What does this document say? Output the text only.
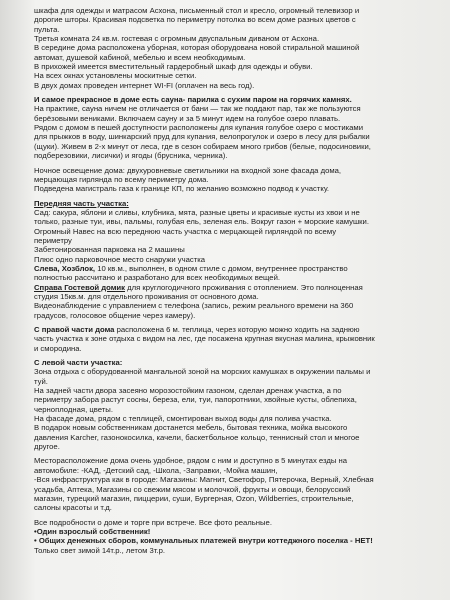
шкафа для одежды и матрасом Асхона, письменный стол и кресло, огромный телевизор и

дорогие шторы. Красивая подсветка по периметру потолка во всем доме разных цветов с

пульта.

Третья комната 24 кв.м. гостевая с огромным двуспальным диваном от Асхона.

В середине дома расположена уборная, которая оборудована новой стиральной машиной

автомат, душевой кабиной, мебелью и всем необходимым.

В прихожей имеется вместительный гардеробный шкаф для одежды и обуви.

На всех окнах установлены москитные сетки.

В двух домах проведен интернет WI-FI (оплачен на весь год).

И самое прекрасное в доме есть сауна- парилка с сухим паром на горячих камнях.

На практике, сауна ничем не отличается от бани — так же поддают пар, так же пользуются

берёзовыми вениками. Включаем сауну и за 5 минут идем на голубое озеро плавать.

Рядом с домом в пешей доступности расположены для купания голубое озеро с мостиками

для прыжков в воду, шинкарский пруд для купания, велопрогулок и озеро в лесу для рыбалки

(щуки). Живем в 2-х минут от леса, где в сезон собираем много грибов (белые, подосиновики,

подберезовики, лисички) и ягоды (брусника, черника).

Ночное освещение дома: двухуровневые светильники на входной зоне фасада дома,

мерцающая гирлянда по всему периметру дома.

Подведена магистраль газа к границе КП, по желанию возможно подвод к участку.

Передняя часть участка:

Сад: сакура, яблони и сливы, клубника, мята, разные цветы и красивые кусты из хвои и не

только, разные туи, ивы, пальмы, голубая ель, зеленая ель. Вокруг газон + морские камушки.

Огромный Навес на всю переднюю часть участка с мерцающей гирляндой по всему

периметру

Забетонированная парковка на 2 машины

Плюс одно парковочное место снаружи участка

Слева, Хозблок, 10 кв.м., выполнен, в одном стиле с домом, внутреннее пространство

полностью рассчитано и разработано для всех необходимых вещей.

Справа Гостевой домик для круглогодичного проживания с отоплением. Это полноценная

студия 15кв.м. для отдельного проживания от основного дома.

Видеонаблюдение с управлением с телефона (запись, режим реального времени на 360

градусов, голосовое общение через камеру).

С правой части дома расположена 6 м. теплица, через которую можно ходить на заднюю

часть участка к зоне отдыха с видом на лес, где посажена крупная вкусная малина, крыжовник

и смородина.

С левой части участка:

Зона отдыха с оборудованной мангальной зоной на морских камушках в окружении пальмы и

туй.

На задней части двора засеяно морозостойким газоном, сделан дренаж участка, а по

периметру забора растут сосны, береза, ели, туи, папоротники, хвойные кусты, облепиха,

черноплодная, цветы.

На фасаде дома, рядом с теплицей, смонтирован выход воды для полива участка.

В подарок новым собственникам достанется мебель, бытовая техника, мойка высокого

давления Karcher, газонокосилка, качели, баскетбольное кольцо, теннисный стол и многое

другое.

Месторасположение дома очень удобное, рядом с ним и доступно в 5 минутах езды на

автомобиле: -КАД, -Детский сад, -Школа, -Заправки, -Мойка машин,

-Вся инфраструктура как в городе: Магазины: Магнит, Светофор, Пятерочка, Верный, Хлебная

усадьба, Аптека, Магазины со свежим мясом и молочкой, фрукты и овощи, белорусский

магазин, турецкий магазин, пиццерии, суши, Бургерная, Ozon, Wildberries, строительные,

салоны красоты и т.д.

Все подробности о доме и торге при встрече. Все фото реальные.

•Один взрослый собственник!

• Общих денежных сборов, коммунальных платежей внутри коттеджного поселка - НЕТ!

Только свет зимой 14т.р., летом 3т.р.
